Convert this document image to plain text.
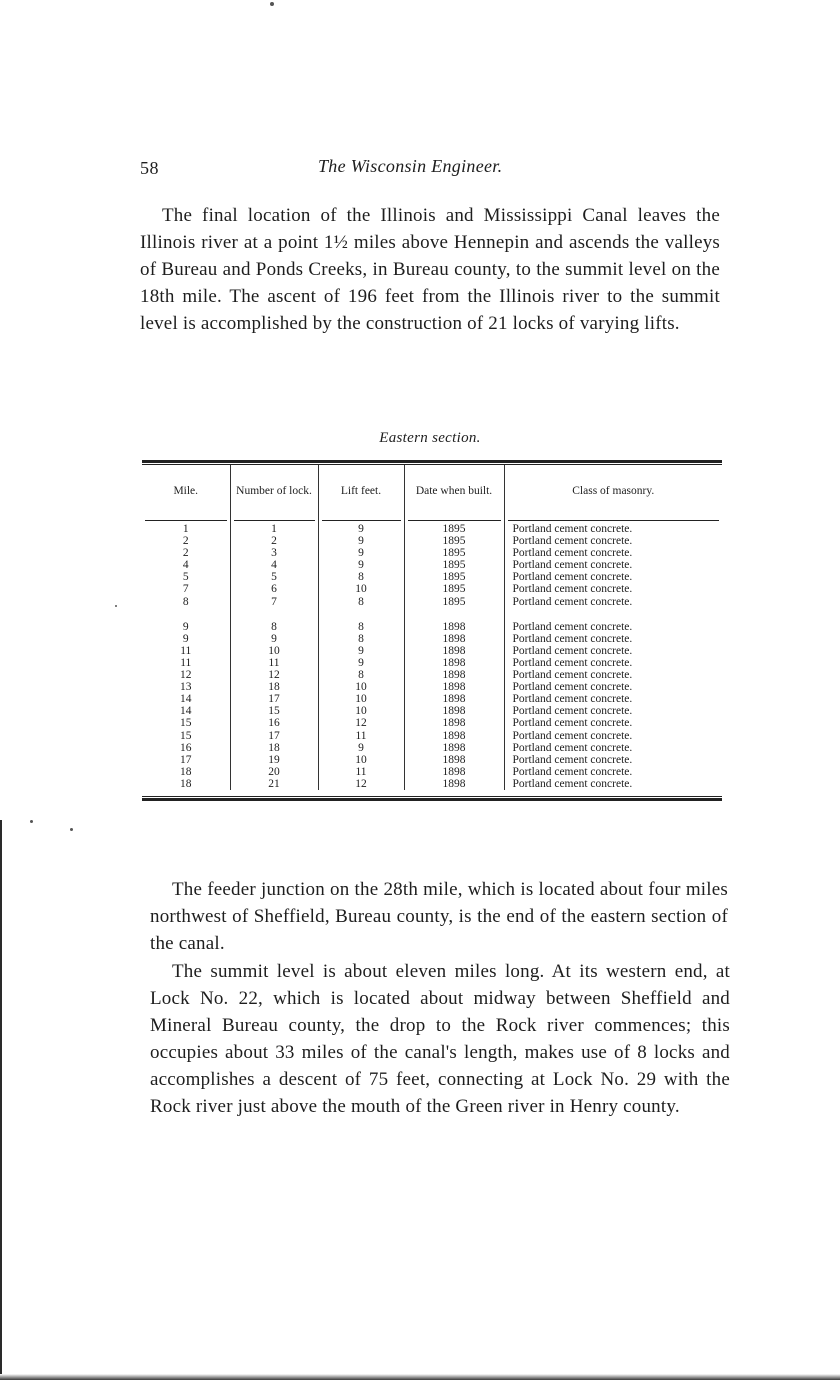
58	The Wisconsin Engineer.

The final location of the Illinois and Mississippi Canal leaves the Illinois river at a point 1½ miles above Hennepin and ascends the valleys of Bureau and Ponds Creeks, in Bureau county, to the summit level on the 18th mile. The ascent of 196 feet from the Illinois river to the summit level is accomplished by the construction of 21 locks of varying lifts.

Eastern section.
Mile.	Number of lock.	Lift feet.	Date when built.	Class of masonry.

1	1	9	1895	Portland cement concrete.
2	2	9	1895	Portland cement concrete.
2	3	9	1895	Portland cement concrete.
4	4	9	1895	Portland cement concrete.
5	5	8	1895	Portland cement concrete.
7	6	10	1895	Portland cement concrete.
8	7	8	1895	Portland cement concrete.

9	8	8	1898	Portland cement concrete.
9	9	8	1898	Portland cement concrete.
11	10	9	1898	Portland cement concrete.
11	11	9	1898	Portland cement concrete.
12	12	8	1898	Portland cement concrete.
13	18	10	1898	Portland cement concrete.
14	17	10	1898	Portland cement concrete.
14	15	10	1898	Portland cement concrete.
15	16	12	1898	Portland cement concrete.
15	17	11	1898	Portland cement concrete.
16	18	9	1898	Portland cement concrete.
17	19	10	1898	Portland cement concrete.
18	20	11	1898	Portland cement concrete.
18	21	12	1898	Portland cement concrete.

The feeder junction on the 28th mile, which is located about four miles northwest of Sheffield, Bureau county, is the end of the eastern section of the canal.

The summit level is about eleven miles long. At its western end, at Lock No. 22, which is located about midway between Sheffield and Mineral Bureau county, the drop to the Rock river commences; this occupies about 33 miles of the canal's length, makes use of 8 locks and accomplishes a descent of 75 feet, connecting at Lock No. 29 with the Rock river just above the mouth of the Green river in Henry county.
